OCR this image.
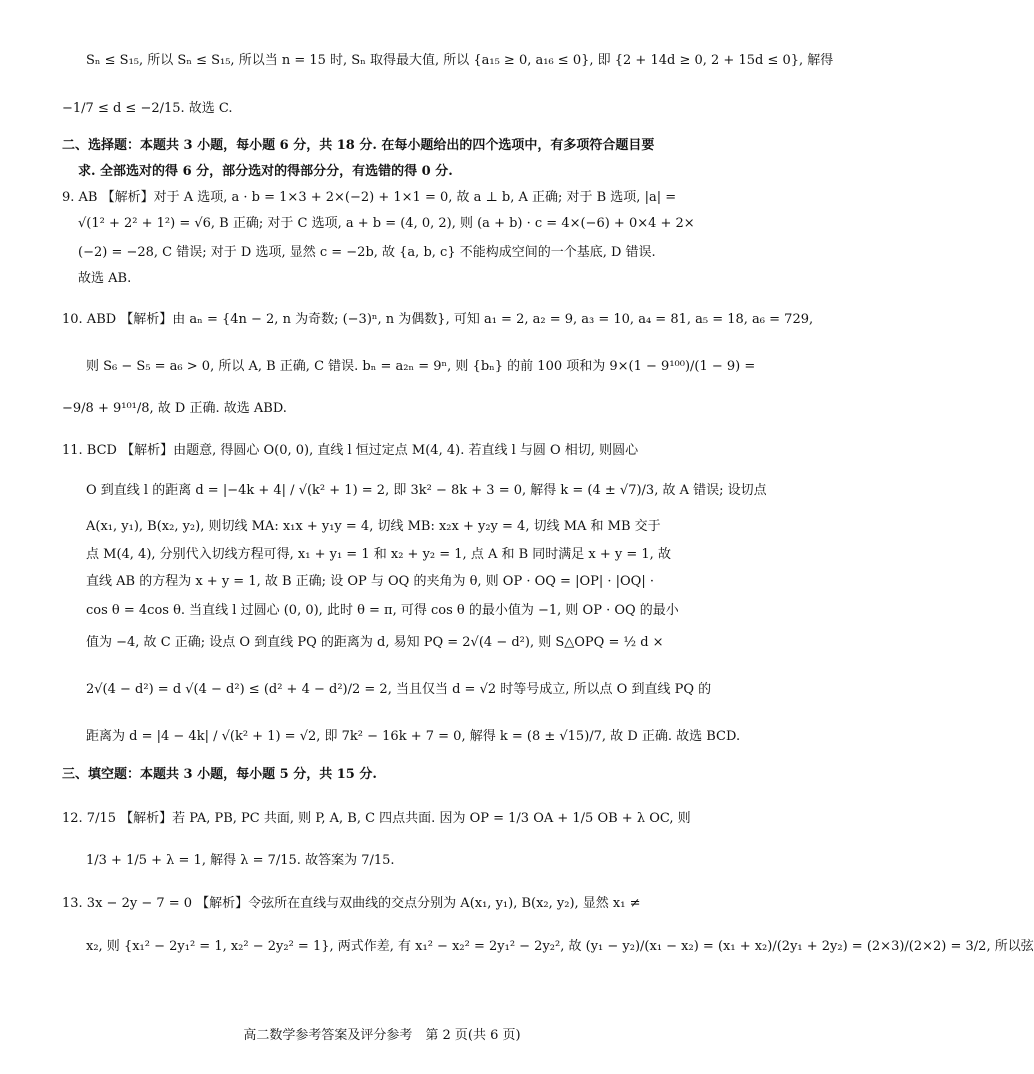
Sₙ ≤ S₁₅, 所以 Sₙ ≤ S₁₅, 所以当 n = 15 时, Sₙ 取得最大值, 所以 {a₁₅ ≥ 0, a₁₆ ≤ 0}, 即 {2 + 14d ≥ 0, 2 + 15d ≤ 0}, 解得
−1/7 ≤ d ≤ −2/15. 故选 C.
二、选择题：本题共 3 小题，每小题 6 分，共 18 分. 在每小题给出的四个选项中，有多项符合题目要
求. 全部选对的得 6 分，部分选对的得部分分，有选错的得 0 分.
9. AB 【解析】对于 A 选项, a · b = 1×3 + 2×(−2) + 1×1 = 0, 故 a ⊥ b, A 正确; 对于 B 选项, |a| =
√(1² + 2² + 1²) = √6, B 正确; 对于 C 选项, a + b = (4, 0, 2), 则 (a + b) · c = 4×(−6) + 0×4 + 2×
(−2) = −28, C 错误; 对于 D 选项, 显然 c = −2b, 故 {a, b, c} 不能构成空间的一个基底, D 错误.
故选 AB.
10. ABD 【解析】由 aₙ = {4n − 2, n 为奇数; (−3)ⁿ, n 为偶数}, 可知 a₁ = 2, a₂ = 9, a₃ = 10, a₄ = 81, a₅ = 18, a₆ = 729,
则 S₆ − S₅ = a₆ > 0, 所以 A, B 正确, C 错误. bₙ = a₂ₙ = 9ⁿ, 则 {bₙ} 的前 100 项和为 9×(1 − 9¹⁰⁰)/(1 − 9) =
−9/8 + 9¹⁰¹/8, 故 D 正确. 故选 ABD.
11. BCD 【解析】由题意, 得圆心 O(0, 0), 直线 l 恒过定点 M(4, 4). 若直线 l 与圆 O 相切, 则圆心
O 到直线 l 的距离 d = |−4k + 4| / √(k² + 1) = 2, 即 3k² − 8k + 3 = 0, 解得 k = (4 ± √7)/3, 故 A 错误; 设切点
A(x₁, y₁), B(x₂, y₂), 则切线 MA: x₁x + y₁y = 4, 切线 MB: x₂x + y₂y = 4, 切线 MA 和 MB 交于
点 M(4, 4), 分别代入切线方程可得, x₁ + y₁ = 1 和 x₂ + y₂ = 1, 点 A 和 B 同时满足 x + y = 1, 故
直线 AB 的方程为 x + y = 1, 故 B 正确; 设 OP 与 OQ 的夹角为 θ, 则 OP · OQ = |OP| · |OQ| ·
cos θ = 4cos θ. 当直线 l 过圆心 (0, 0), 此时 θ = π, 可得 cos θ 的最小值为 −1, 则 OP · OQ 的最小
值为 −4, 故 C 正确; 设点 O 到直线 PQ 的距离为 d, 易知 PQ = 2√(4 − d²), 则 S△OPQ = ½ d ×
2√(4 − d²) = d √(4 − d²) ≤ (d² + 4 − d²)/2 = 2, 当且仅当 d = √2 时等号成立, 所以点 O 到直线 PQ 的
距离为 d = |4 − 4k| / √(k² + 1) = √2, 即 7k² − 16k + 7 = 0, 解得 k = (8 ± √15)/7, 故 D 正确. 故选 BCD.
三、填空题：本题共 3 小题，每小题 5 分，共 15 分.
12. 7/15 【解析】若 PA, PB, PC 共面, 则 P, A, B, C 四点共面. 因为 OP = 1/3 OA + 1/5 OB + λ OC, 则
1/3 + 1/5 + λ = 1, 解得 λ = 7/15. 故答案为 7/15.
13. 3x − 2y − 7 = 0 【解析】令弦所在直线与双曲线的交点分别为 A(x₁, y₁), B(x₂, y₂), 显然 x₁ ≠
x₂, 则 {x₁² − 2y₁² = 1, x₂² − 2y₂² = 1}, 两式作差, 有 x₁² − x₂² = 2y₁² − 2y₂², 故 (y₁ − y₂)/(x₁ − x₂) = (x₁ + x₂)/(2y₁ + 2y₂) = (2×3)/(2×2) = 3/2, 所以弦
高二数学参考答案及评分参考　第 2 页(共 6 页)
